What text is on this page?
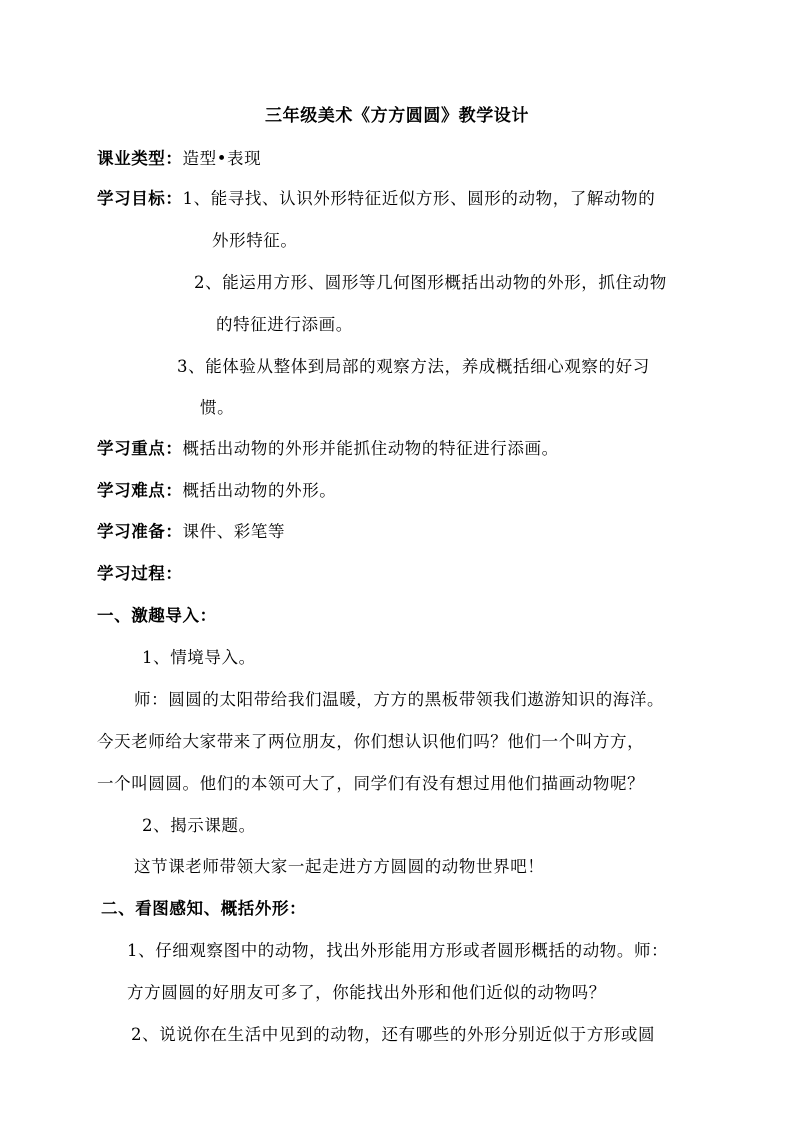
三年级美术《方方圆圆》教学设计
课业类型：造型•表现
学习目标：1、能寻找、认识外形特征近似方形、圆形的动物，了解动物的
外形特征。
2、能运用方形、圆形等几何图形概括出动物的外形，抓住动物
的特征进行添画。
3、能体验从整体到局部的观察方法，养成概括细心观察的好习
惯。
学习重点：概括出动物的外形并能抓住动物的特征进行添画。
学习难点：概括出动物的外形。
学习准备：课件、彩笔等
学习过程：
一、激趣导入：
1、情境导入。
师：圆圆的太阳带给我们温暖，方方的黑板带领我们遨游知识的海洋。
今天老师给大家带来了两位朋友，你们想认识他们吗？他们一个叫方方，
一个叫圆圆。他们的本领可大了，同学们有没有想过用他们描画动物呢？
2、揭示课题。
这节课老师带领大家一起走进方方圆圆的动物世界吧！
二、看图感知、概括外形：
1、仔细观察图中的动物，找出外形能用方形或者圆形概括的动物。师：
方方圆圆的好朋友可多了，你能找出外形和他们近似的动物吗？
2、说说你在生活中见到的动物，还有哪些的外形分别近似于方形或圆
